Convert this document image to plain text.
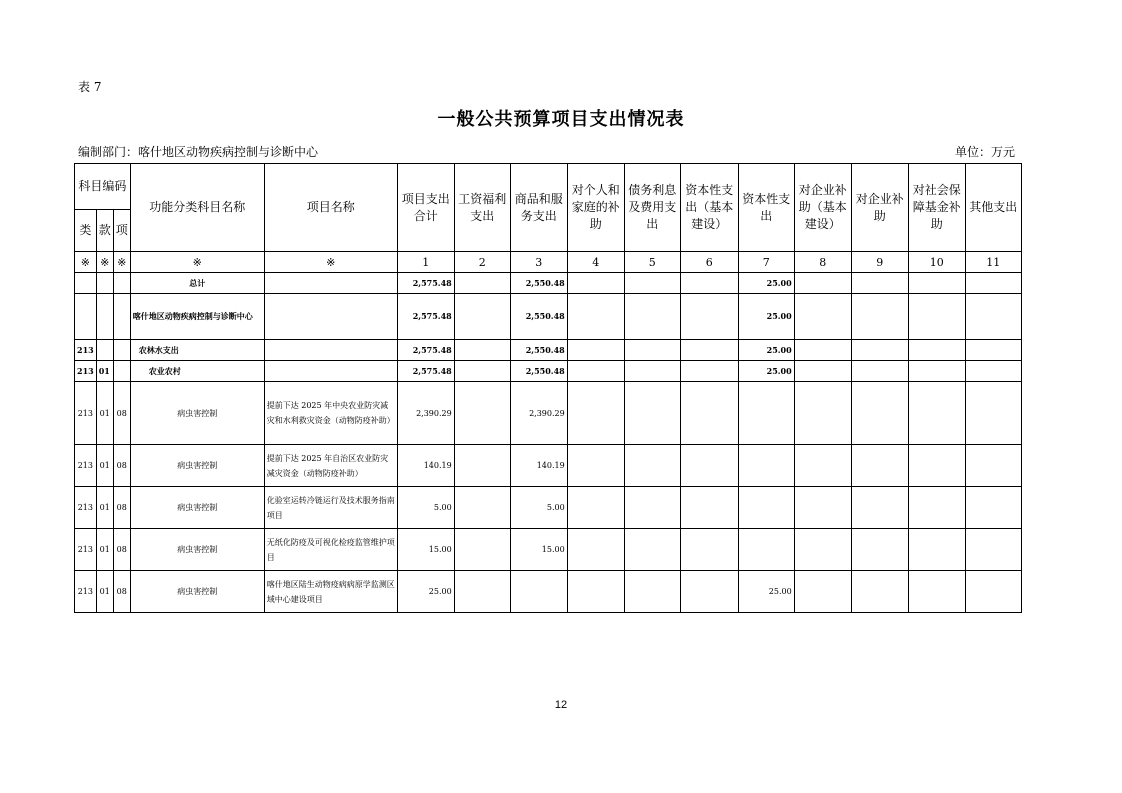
表 7
一般公共预算项目支出情况表
编制部门：喀什地区动物疾病控制与诊断中心	单位：万元
科目编码			功能分类科目名称	项目名称	项目支出合计	工资福利支出	商品和服务支出	对个人和家庭的补助	债务利息及费用支出	资本性支出（基本建设）	资本性支出	对企业补助（基本建设）	对企业补助	对社会保障基金补助	其他支出
类	款	项													
※	※	※	※	※	1	2	3	4	5	6	7	8	9	10	11
			总计		2,575.48		2,550.48				25.00				
			喀什地区动物疾病控制与诊断中心		2,575.48		2,550.48				25.00				
213			农林水支出		2,575.48		2,550.48				25.00				
213	01		农业农村		2,575.48		2,550.48				25.00				
213	01	08	病虫害控制	提前下达 2025 年中央农业防灾减灾和水利救灾资金（动物防疫补助）	2,390.29		2,390.29								
213	01	08	病虫害控制	提前下达 2025 年自治区农业防灾减灾资金（动物防疫补助）	140.19		140.19								
213	01	08	病虫害控制	化验室运转冷链运行及技术服务指南项目	5.00		5.00								
213	01	08	病虫害控制	无纸化防疫及可视化检疫监管维护项目	15.00		15.00								
213	01	08	病虫害控制	喀什地区陆生动物疫病病原学监测区域中心建设项目	25.00						25.00				
12
